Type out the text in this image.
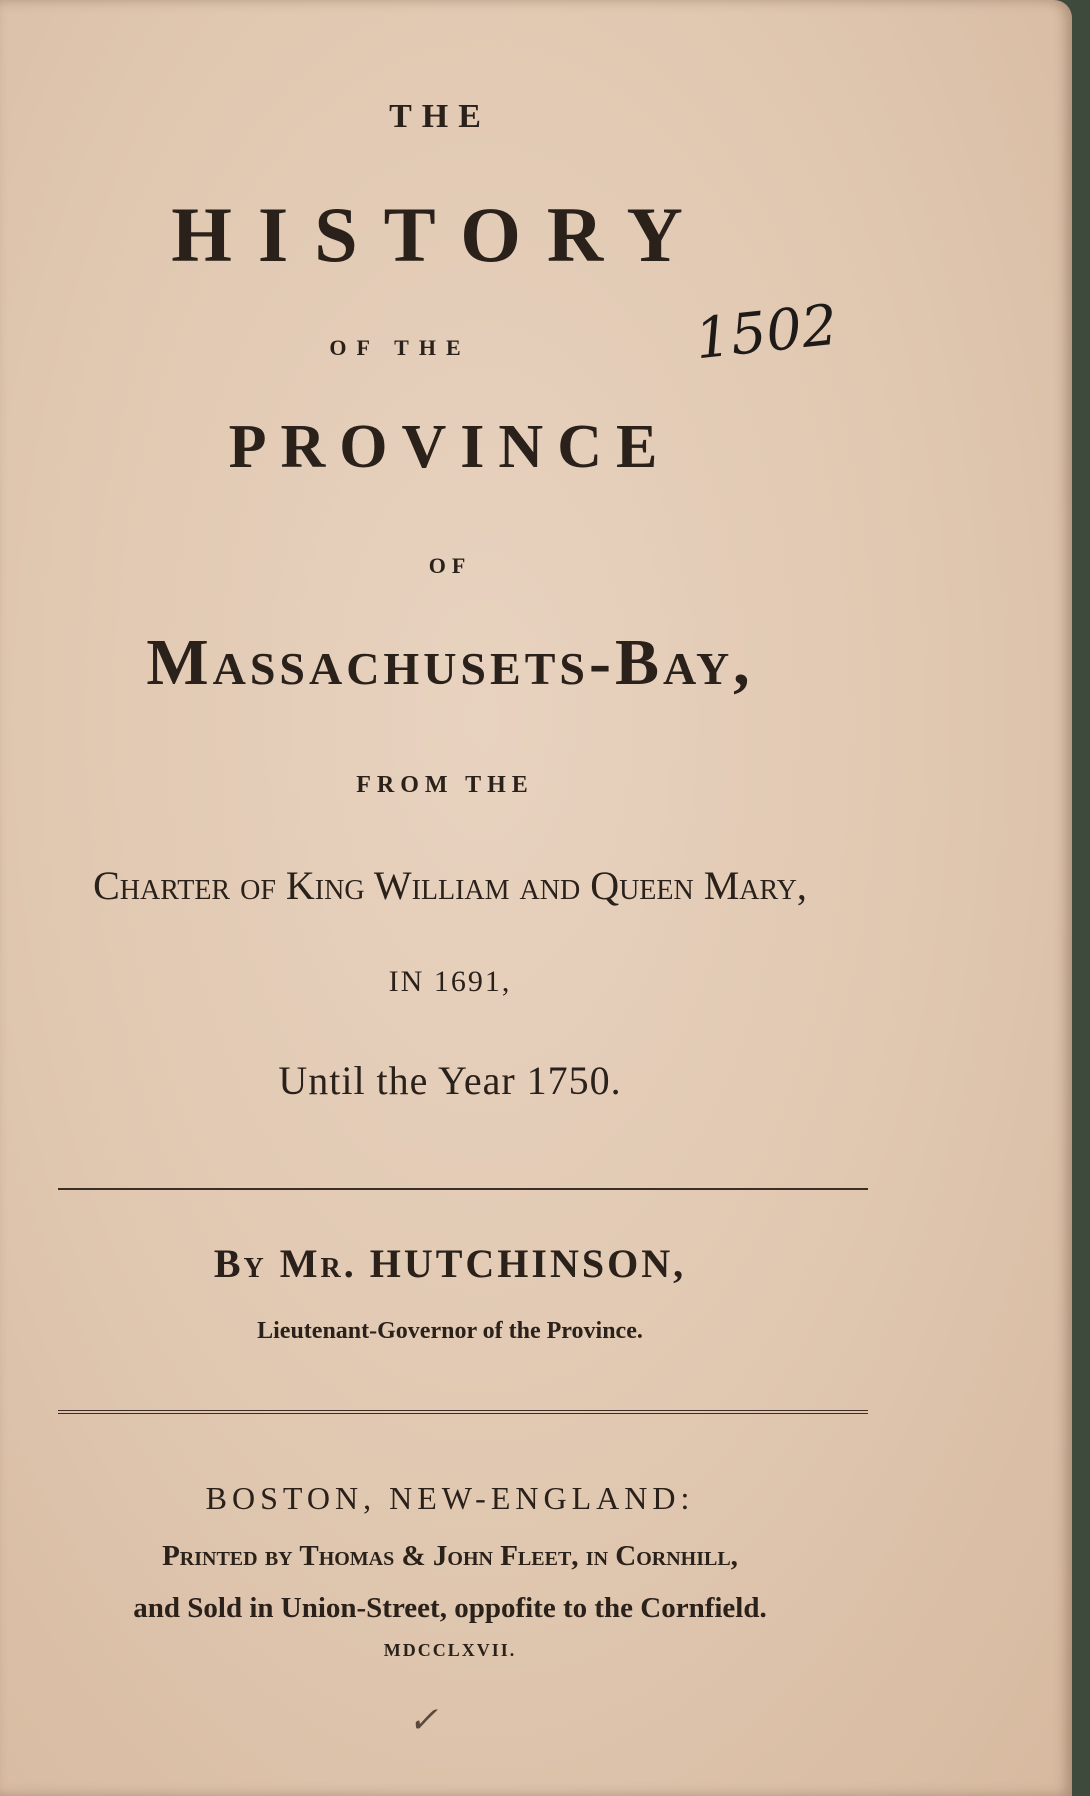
THE
HISTORY
OF THE	1502
PROVINCE
OF
Massachusets-Bay,
FROM THE
Charter of King William and Queen Mary,
IN 1691,
Until the Year 1750.
By Mr. HUTCHINSON,
Lieutenant-Governor of the Province.
BOSTON, NEW-ENGLAND:
Printed by Thomas & John Fleet, in Cornhill,
and Sold in Union-Street, oppofite to the Cornfield.
MDCCLXVII.
✓
